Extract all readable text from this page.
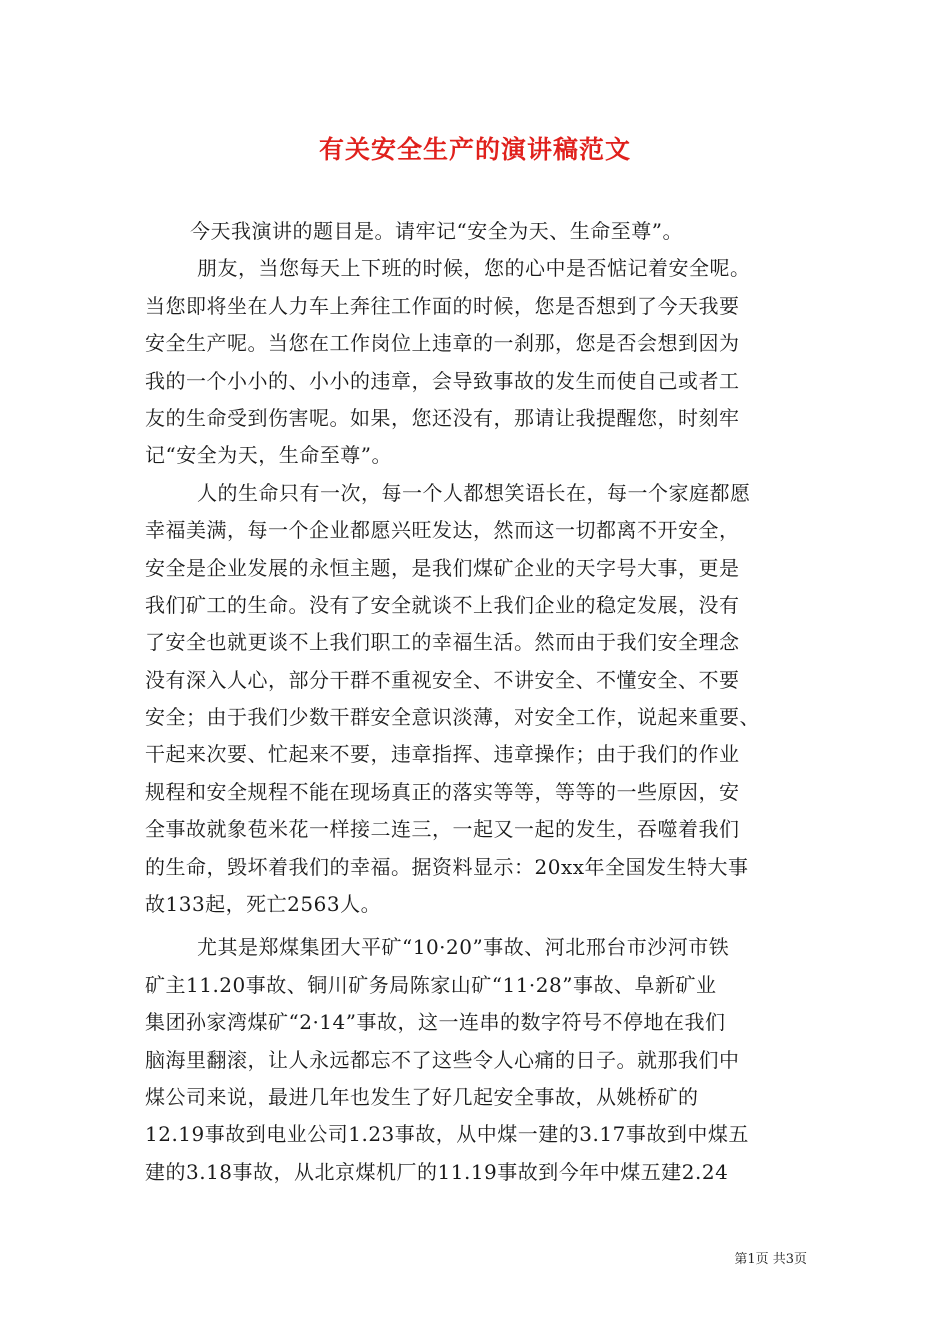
有关安全生产的演讲稿范文
今天我演讲的题目是。请牢记“安全为天、生命至尊”。
朋友，当您每天上下班的时候，您的心中是否惦记着安全呢。
当您即将坐在人力车上奔往工作面的时候，您是否想到了今天我要
安全生产呢。当您在工作岗位上违章的一刹那，您是否会想到因为
我的一个小小的、小小的违章，会导致事故的发生而使自己或者工
友的生命受到伤害呢。如果，您还没有，那请让我提醒您，时刻牢
记“安全为天，生命至尊”。
人的生命只有一次，每一个人都想笑语长在，每一个家庭都愿
幸福美满，每一个企业都愿兴旺发达，然而这一切都离不开安全，
安全是企业发展的永恒主题，是我们煤矿企业的天字号大事，更是
我们矿工的生命。没有了安全就谈不上我们企业的稳定发展，没有
了安全也就更谈不上我们职工的幸福生活。然而由于我们安全理念
没有深入人心，部分干群不重视安全、不讲安全、不懂安全、不要
安全；由于我们少数干群安全意识淡薄，对安全工作，说起来重要、
干起来次要、忙起来不要，违章指挥、违章操作；由于我们的作业
规程和安全规程不能在现场真正的落实等等，等等的一些原因，安
全事故就象苞米花一样接二连三，一起又一起的发生，吞噬着我们
的生命，毁坏着我们的幸福。据资料显示：20xx年全国发生特大事
故133起，死亡2563人。
尤其是郑煤集团大平矿“10·20”事故、河北邢台市沙河市铁
矿主11.20事故、铜川矿务局陈家山矿“11·28”事故、阜新矿业
集团孙家湾煤矿“2·14”事故，这一连串的数字符号不停地在我们
脑海里翻滚，让人永远都忘不了这些令人心痛的日子。就那我们中
煤公司来说，最进几年也发生了好几起安全事故，从姚桥矿的
12.19事故到电业公司1.23事故，从中煤一建的3.17事故到中煤五
建的3.18事故，从北京煤机厂的11.19事故到今年中煤五建2.24
第1页 共3页
